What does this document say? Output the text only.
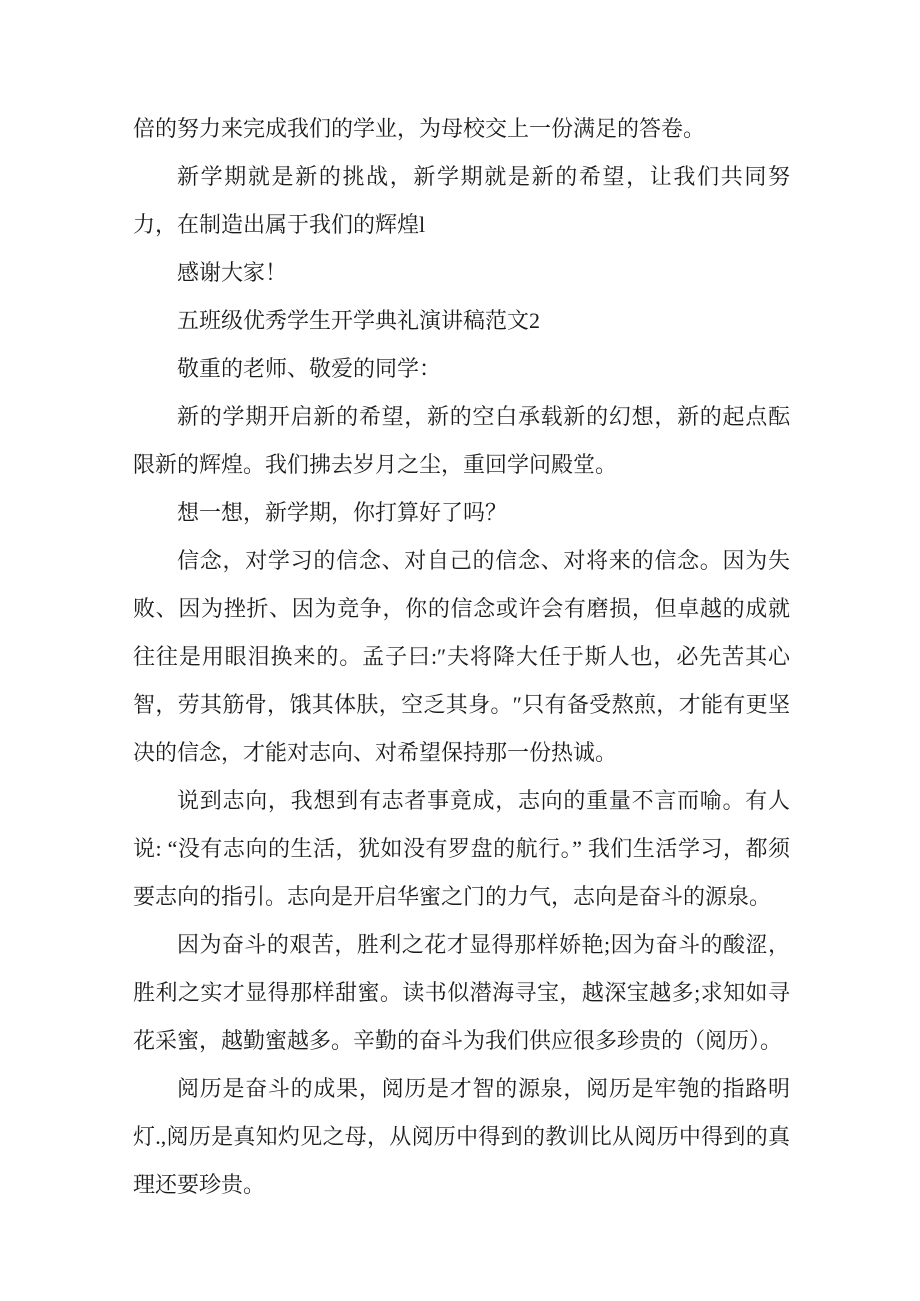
倍的努力来完成我们的学业，为母校交上一份满足的答卷。

新学期就是新的挑战，新学期就是新的希望，让我们共同努力，在制造出属于我们的辉煌l

感谢大家！

五班级优秀学生开学典礼演讲稿范文2

敬重的老师、敬爱的同学：

新的学期开启新的希望，新的空白承载新的幻想，新的起点酝限新的辉煌。我们拂去岁月之尘，重回学问殿堂。

想一想，新学期，你打算好了吗？

信念，对学习的信念、对自己的信念、对将来的信念。因为失败、因为挫折、因为竞争，你的信念或许会有磨损，但卓越的成就往往是用眼泪换来的。孟子曰:″夫将降大任于斯人也，必先苦其心智，劳其筋骨，饿其体肤，空乏其身。″只有备受熬煎，才能有更坚决的信念，才能对志向、对希望保持那一份热诚。

说到志向，我想到有志者事竟成，志向的重量不言而喻。有人说: “没有志向的生活，犹如没有罗盘的航行。” 我们生活学习，都须要志向的指引。志向是开启华蜜之门的力气，志向是奋斗的源泉。

因为奋斗的艰苦，胜利之花才显得那样娇艳;因为奋斗的酸涩，胜利之实才显得那样甜蜜。读书似潜海寻宝，越深宝越多;求知如寻花采蜜，越勤蜜越多。辛勤的奋斗为我们供应很多珍贵的（阅历）。

阅历是奋斗的成果，阅历是才智的源泉，阅历是牢匏的指路明灯.,阅历是真知灼见之母，从阅历中得到的教训比从阅历中得到的真理还要珍贵。
